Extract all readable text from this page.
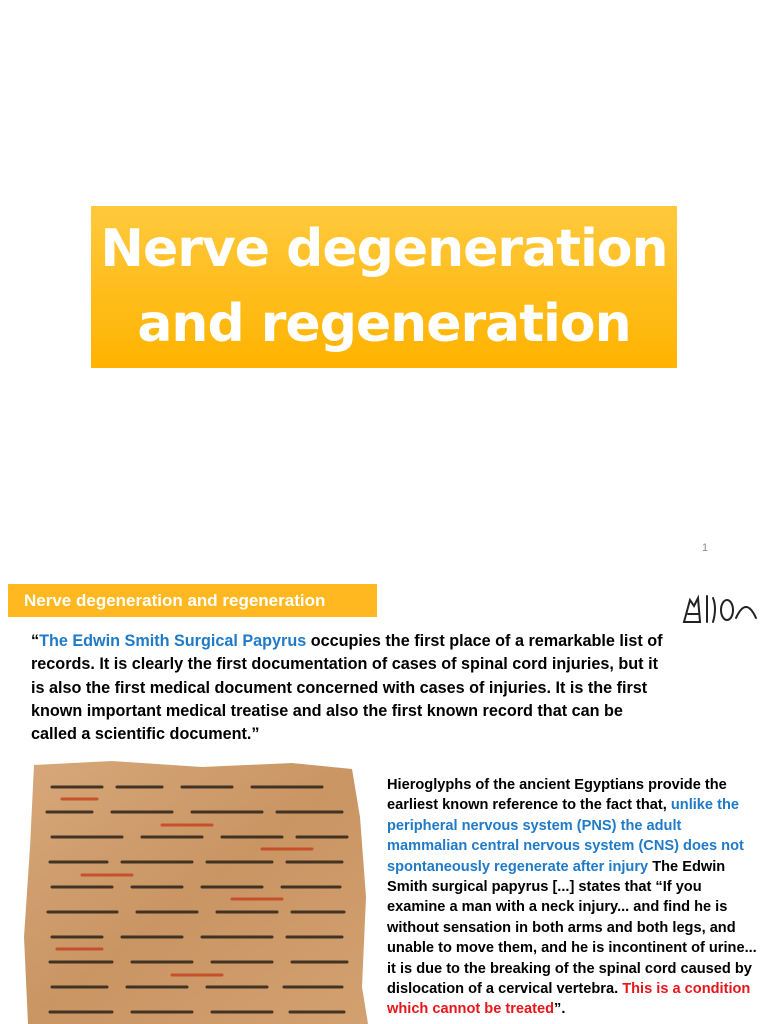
Nerve degeneration
and regeneration
1
Nerve degeneration and regeneration
“The Edwin Smith Surgical Papyrus occupies the first place of a remarkable list of records. It is clearly the first documentation of cases of spinal cord injuries, but it is also the first medical document concerned with cases of injuries. It is the first known important medical treatise and also the first known record that can be called a scientific document.”
Hieroglyphs of the ancient Egyptians provide the earliest known reference to the fact that, unlike the peripheral nervous system (PNS) the adult mammalian central nervous system (CNS) does not spontaneously regenerate after injury The Edwin Smith surgical papyrus [...] states that “If you examine a man with a neck injury... and find he is without sensation in both arms and both legs, and unable to move them, and he is incontinent of urine... it is due to the breaking of the spinal cord caused by dislocation of a cervical vertebra. This is a condition which cannot be treated”.
